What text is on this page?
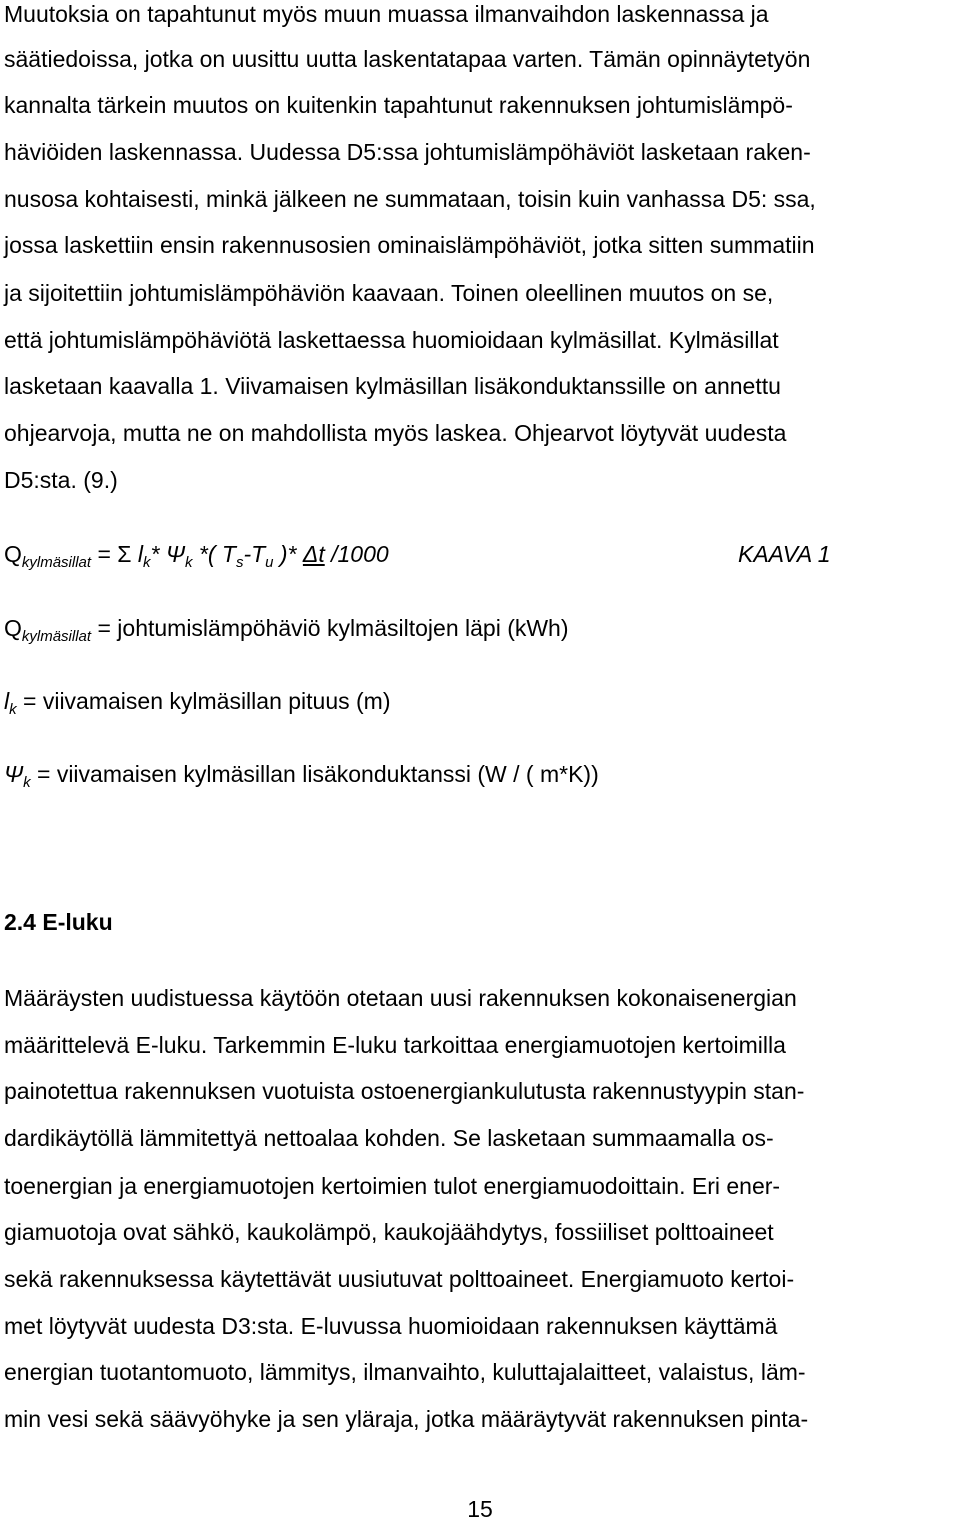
Muutoksia on tapahtunut myös muun muassa ilmanvaihdon laskennassa ja
säätiedoissa, jotka on uusittu uutta laskentatapaa varten. Tämän opinnäytetyön
kannalta tärkein muutos on kuitenkin tapahtunut rakennuksen johtumislämpö-
häviöiden laskennassa. Uudessa D5:ssa johtumislämpöhäviöt lasketaan raken-
nusosa kohtaisesti, minkä jälkeen ne summataan, toisin kuin vanhassa D5: ssa,
jossa laskettiin ensin rakennusosien ominaislämpöhäviöt, jotka sitten summatiin
ja sijoitettiin johtumislämpöhäviön kaavaan. Toinen oleellinen muutos on se,
että johtumislämpöhäviötä laskettaessa huomioidaan kylmäsillat. Kylmäsillat
lasketaan kaavalla 1. Viivamaisen kylmäsillan lisäkonduktanssille on annettu
ohjearvoja, mutta ne on mahdollista myös laskea. Ohjearvot löytyvät uudesta
D5:sta. (9.)
$Q_{kylmäsillat} = \Sigma$ $l_k*$ $\Psi_k$ *( $T_s-T_u$ )* Δt /1000	KAAVA 1
$Q_{kylmäsillat}$ = johtumislämpöhäviö kylmäsiltojen läpi (kWh)
$l_k$ = viivamaisen kylmäsillan pituus (m)
$\Psi_k$ = viivamaisen kylmäsillan lisäkonduktanssi (W / ( m*K))
2.4 E-luku
Määräysten uudistuessa käytöön otetaan uusi rakennuksen kokonaisenergian
määrittelevä E-luku. Tarkemmin E-luku tarkoittaa energiamuotojen kertoimilla
painotettua rakennuksen vuotuista ostoenergiankulutusta rakennustyypin stan-
dardikäytöllä lämmitettyä nettoalaa kohden. Se lasketaan summaamalla os-
toenergian ja energiamuotojen kertoimien tulot energiamuodoittain. Eri ener-
giamuotoja ovat sähkö, kaukolämpö, kaukojäähdytys, fossiiliset polttoaineet
sekä rakennuksessa käytettävät uusiutuvat polttoaineet. Energiamuoto kertoi-
met löytyvät uudesta D3:sta. E-luvussa huomioidaan rakennuksen käyttämä
energian tuotantomuoto, lämmitys, ilmanvaihto, kuluttajalaitteet, valaistus, läm-
min vesi sekä säävyöhyke ja sen yläraja, jotka määräytyvät rakennuksen pinta-
15
